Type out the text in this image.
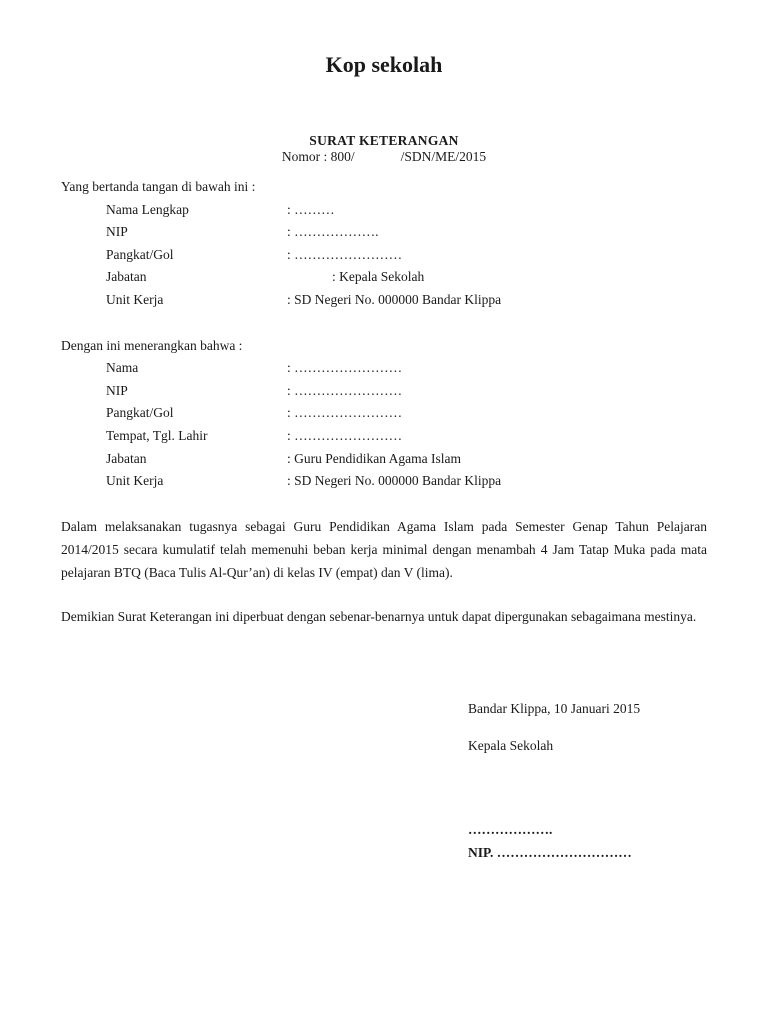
Kop sekolah
SURAT KETERANGAN
Nomor : 800/	/SDN/ME/2015
Yang bertanda tangan di bawah ini :
Nama Lengkap	: ………
NIP	: ……………….
Pangkat/Gol	: ……………………
Jabatan	: Kepala Sekolah
Unit Kerja	: SD Negeri No. 000000 Bandar Klippa
Dengan ini menerangkan bahwa :
Nama	: ……………………
NIP	: ……………………
Pangkat/Gol	: ……………………
Tempat, Tgl. Lahir	: ……………………
Jabatan	: Guru Pendidikan Agama Islam
Unit Kerja	: SD Negeri No. 000000 Bandar Klippa
Dalam melaksanakan tugasnya sebagai Guru Pendidikan Agama Islam pada Semester Genap Tahun Pelajaran 2014/2015 secara kumulatif telah memenuhi beban kerja minimal dengan menambah 4 Jam Tatap Muka pada mata pelajaran BTQ (Baca Tulis Al-Qur’an) di kelas IV (empat) dan V (lima).
Demikian Surat Keterangan ini diperbuat dengan sebenar-benarnya untuk dapat dipergunakan sebagaimana mestinya.
Bandar Klippa, 10 Januari 2015
Kepala Sekolah
……………….
NIP. …………………………
